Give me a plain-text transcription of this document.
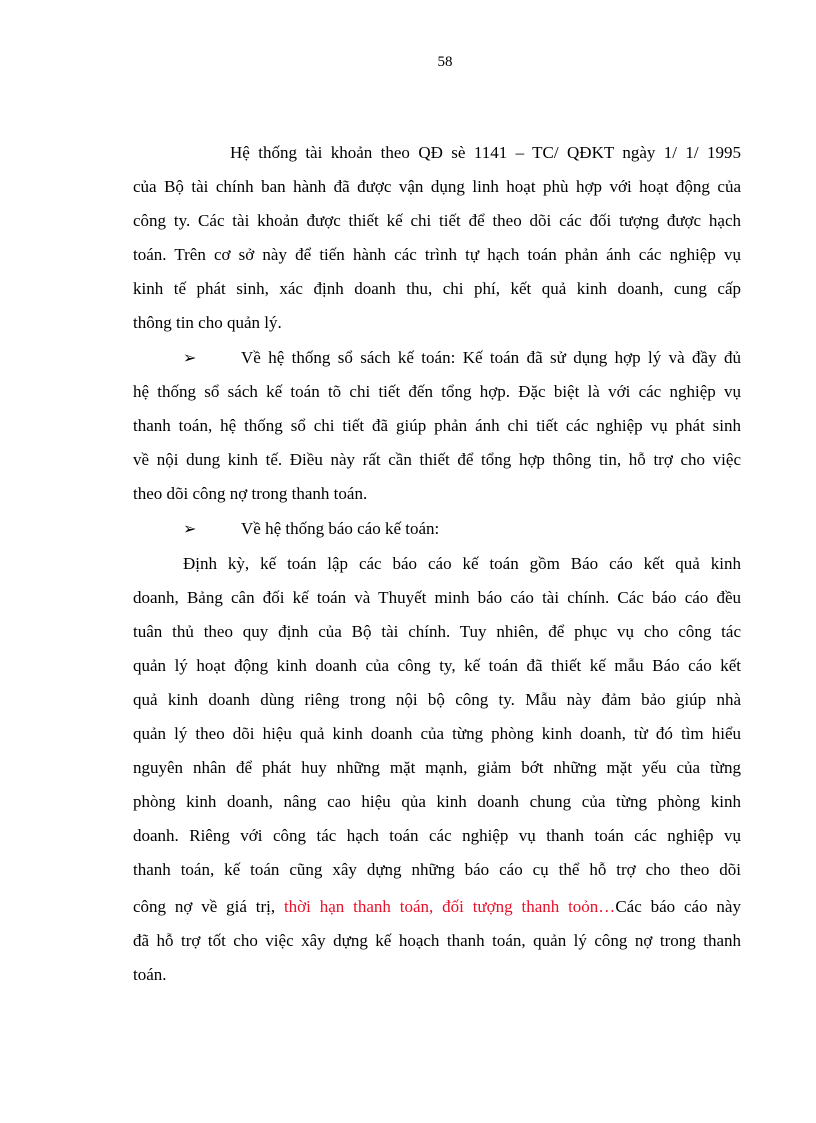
58
Hệ thống tài khoản theo QĐ sè 1141 – TC/ QĐKT ngày 1/ 1/ 1995
của Bộ tài chính ban hành đã được vận dụng linh hoạt phù hợp với hoạt động của
công ty. Các tài khoản được thiết kế chi tiết để theo dõi các đối tượng được hạch
toán. Trên cơ sở này để tiến hành các trình tự hạch toán phản ánh các nghiệp vụ
kinh tế phát sinh, xác định doanh thu, chi phí, kết quả kinh doanh, cung cấp
thông tin cho quản lý.
➢	Về hệ thống sổ sách kế toán: Kế toán đã sử dụng hợp lý và đầy đủ
hệ thống sổ sách kế toán tõ chi tiết đến tổng hợp. Đặc biệt là với các nghiệp vụ
thanh toán, hệ thống sổ chi tiết đã giúp phản ánh chi tiết các nghiệp vụ phát sinh
về nội dung kinh tế. Điều này rất cần thiết để tổng hợp thông tin, hỗ trợ cho việc
theo dõi công nợ trong thanh toán.
➢	Về hệ thống báo cáo kế toán:
Định kỳ, kế toán lập các báo cáo kế toán gồm Báo cáo kết quả kinh
doanh, Bảng cân đối kế toán và Thuyết minh báo cáo tài chính. Các báo cáo đều
tuân thủ theo quy định của Bộ tài chính. Tuy nhiên, để phục vụ cho công tác
quản lý hoạt động kinh doanh của công ty, kế toán đã thiết kế mẫu Báo cáo kết
quả kinh doanh dùng riêng trong nội bộ công ty. Mẫu này đảm bảo giúp nhà
quản lý theo dõi hiệu quả kinh doanh của từng phòng kinh doanh, từ đó tìm hiểu
nguyên nhân để phát huy những mặt mạnh, giảm bớt những mặt yếu của từng
phòng kinh doanh, nâng cao hiệu qủa kinh doanh chung của từng phòng kinh
doanh. Riêng với công tác hạch toán các nghiệp vụ thanh toán các nghiệp vụ
thanh toán, kế toán cũng xây dựng những báo cáo cụ thể hỗ trợ cho theo dõi
công nợ về giá trị, thời hạn thanh toán, đối tượng thanh toỏn…Các báo cáo này
đã hỗ trợ tốt cho việc xây dựng kế hoạch thanh toán, quản lý công nợ trong thanh
toán.
